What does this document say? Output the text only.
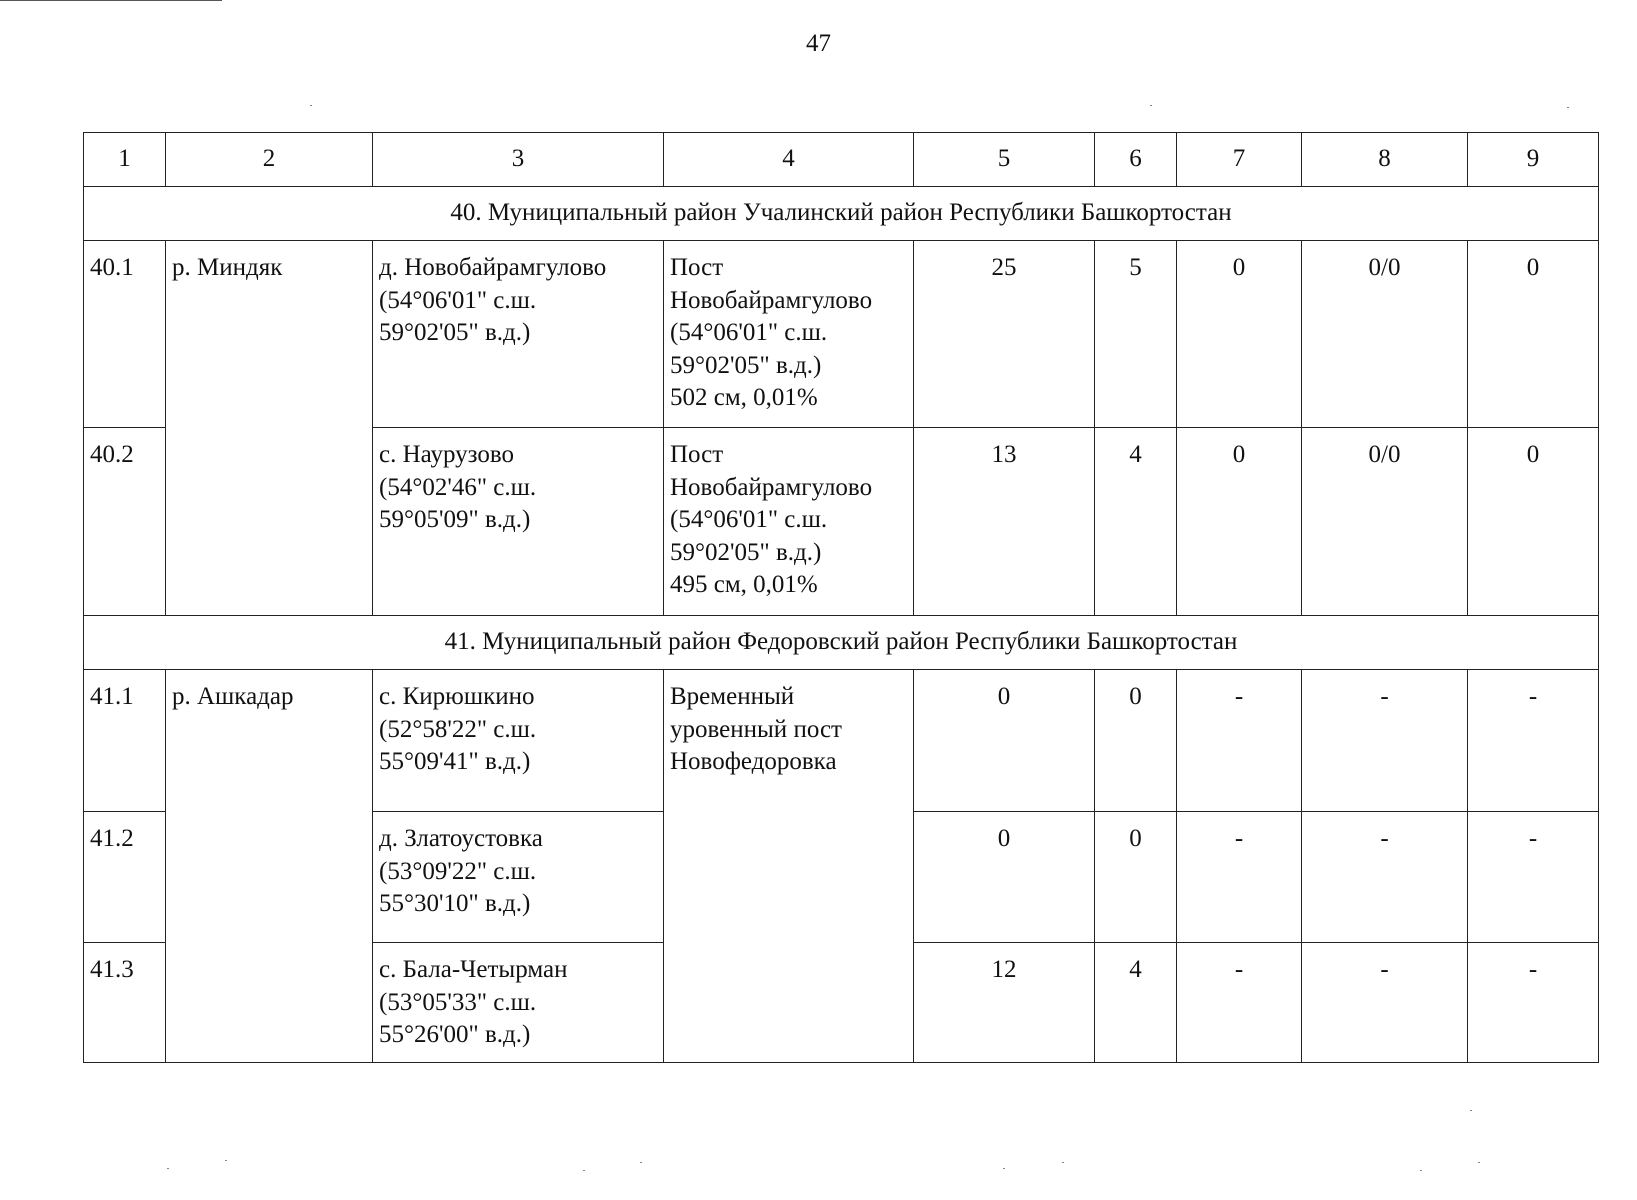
47
1	2	3	4	5	6	7	8	9
40. Муниципальный район Учалинский район Республики Башкортостан								
40.1	р. Миндяк	д. Новобайрамгулово
(54°06'01" с.ш.
59°02'05" в.д.)	Пост
Новобайрамгулово
(54°06'01" с.ш.
59°02'05" в.д.)
502 см, 0,01%	25	5	0	0/0	0
40.2		с. Наурузово
(54°02'46" с.ш.
59°05'09" в.д.)	Пост
Новобайрамгулово
(54°06'01" с.ш.
59°02'05" в.д.)
495 см, 0,01%	13	4	0	0/0	0
41. Муниципальный район Федоровский район Республики Башкортостан								
41.1	р. Ашкадар	с. Кирюшкино
(52°58'22" с.ш.
55°09'41" в.д.)	Временный
уровенный пост
Новофедоровка	0	0	-	-	-
41.2		д. Златоустовка
(53°09'22" с.ш.
55°30'10" в.д.)		0	0	-	-	-
41.3		с. Бала-Четырман
(53°05'33" с.ш.
55°26'00" в.д.)		12	4	-	-	-
